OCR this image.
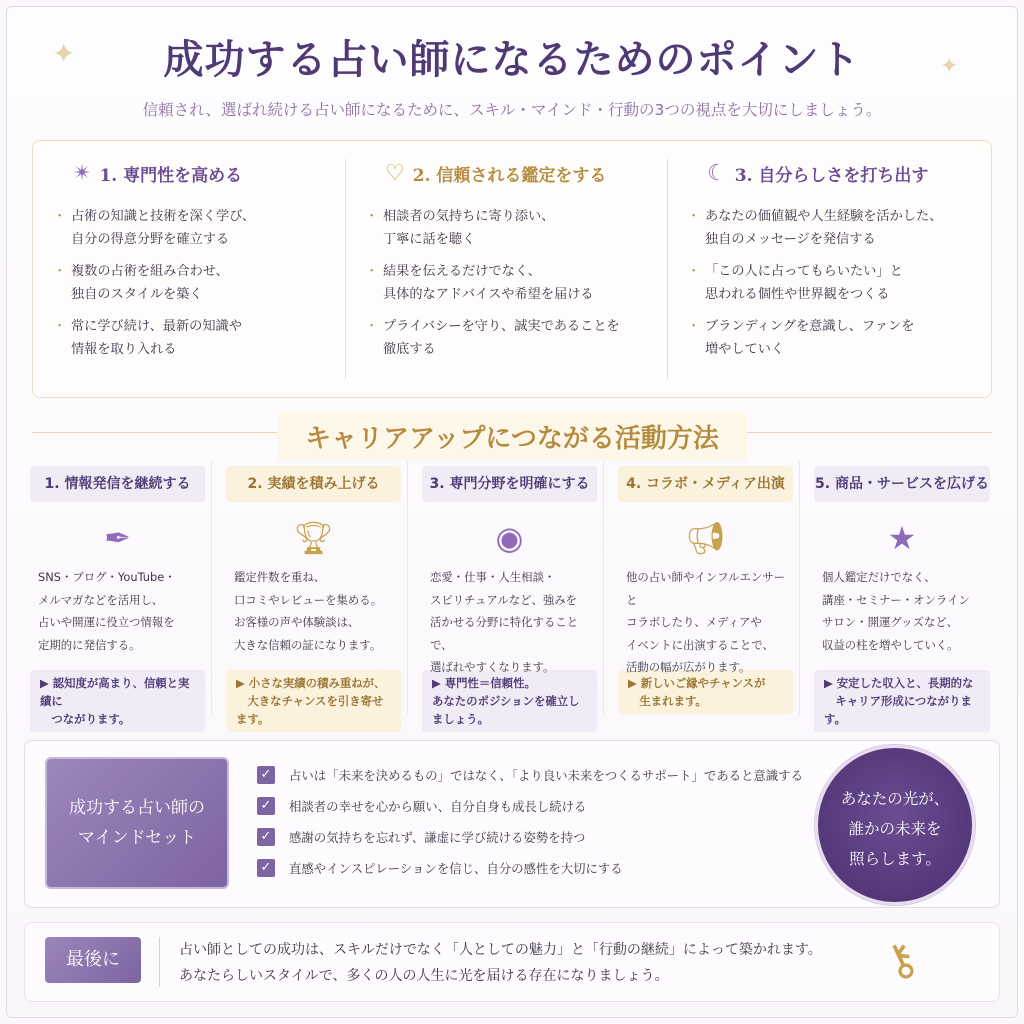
✦	✦
成功する占い師になるためのポイント

信頼され、選ばれ続ける占い師になるために、スキル・マインド・行動の3つの視点を大切にしましょう。

✴ 1. 専門性を高める
・ 占術の知識と技術を深く学び、
自分の得意分野を確立する
・ 複数の占術を組み合わせ、
独自のスタイルを築く
・ 常に学び続け、最新の知識や
情報を取り入れる
♡ 2. 信頼される鑑定をする
・ 相談者の気持ちに寄り添い、
丁寧に話を聴く
・ 結果を伝えるだけでなく、
具体的なアドバイスや希望を届ける
・ プライバシーを守り、誠実であることを
徹底する
☾ 3. 自分らしさを打ち出す
・ あなたの価値観や人生経験を活かした、
独自のメッセージを発信する
・ 「この人に占ってもらいたい」と
思われる個性や世界観をつくる
・ ブランディングを意識し、ファンを
増やしていく
キャリアアップにつながる活動方法
1. 情報発信を継続する
✒
SNS・ブログ・YouTube・
メルマガなどを活用し、
占いや開運に役立つ情報を
定期的に発信する。
▶ 認知度が高まり、信頼と実績に
　つながります。
2. 実績を積み上げる
🏆︎
鑑定件数を重ね、
口コミやレビューを集める。
お客様の声や体験談は、
大きな信頼の証になります。
▶ 小さな実績の積み重ねが、
　大きなチャンスを引き寄せます。
3. 専門分野を明確にする
◉
恋愛・仕事・人生相談・
スピリチュアルなど、強みを
活かせる分野に特化することで、
選ばれやすくなります。
▶ 専門性＝信頼性。
あなたのポジションを確立しましょう。
4. コラボ・メディア出演
📢︎
他の占い師やインフルエンサーと
コラボしたり、メディアや
イベントに出演することで、
活動の幅が広がります。
▶ 新しいご縁やチャンスが
　生まれます。
5. 商品・サービスを広げる
★
個人鑑定だけでなく、
講座・セミナー・オンライン
サロン・開運グッズなど、
収益の柱を増やしていく。
▶ 安定した収入と、長期的な
　キャリア形成につながります。
成功する占い師の
マインドセット
✓ 占いは「未来を決めるもの」ではなく、「より良い未来をつくるサポート」であると意識する
✓ 相談者の幸せを心から願い、自分自身も成長し続ける
✓ 感謝の気持ちを忘れず、謙虚に学び続ける姿勢を持つ
✓ 直感やインスピレーションを信じ、自分の感性を大切にする
あなたの光が、
誰かの未来を
照らします。
最後に	占い師としての成功は、スキルだけでなく「人としての魅力」と「行動の継続」によって築かれます。
あなたらしいスタイルで、多くの人の人生に光を届ける存在になりましょう。	⚷
